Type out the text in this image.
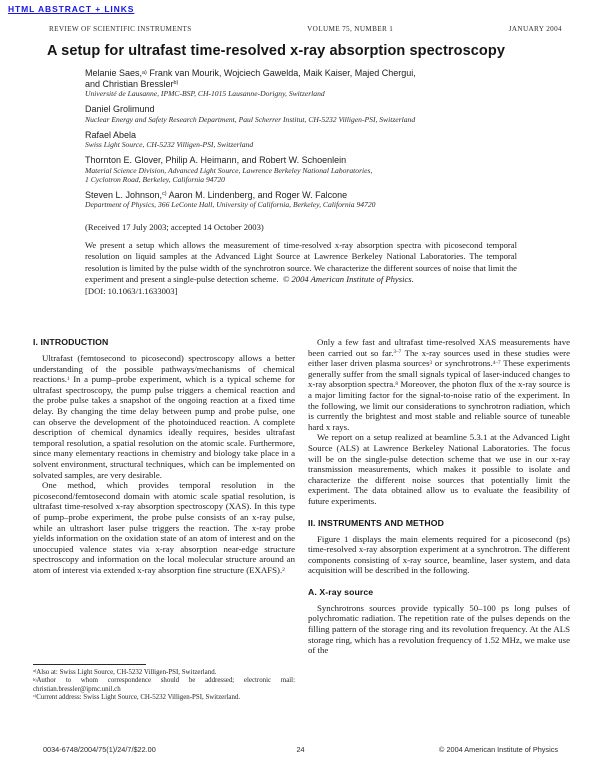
HTML ABSTRACT + LINKS
REVIEW OF SCIENTIFIC INSTRUMENTS	VOLUME 75, NUMBER 1	JANUARY 2004
A setup for ultrafast time-resolved x-ray absorption spectroscopy
Melanie Saes,$^{a)}$ Frank van Mourik, Wojciech Gawelda, Maik Kaiser, Majed Chergui,
and Christian Bressler$^{b)}$
Université de Lausanne, IPMC-BSP, CH-1015 Lausanne-Dorigny, Switzerland
Daniel Grolimund
Nuclear Energy and Safety Research Department, Paul Scherrer Institut, CH-5232 Villigen-PSI, Switzerland
Rafael Abela
Swiss Light Source, CH-5232 Villigen-PSI, Switzerland
Thornton E. Glover, Philip A. Heimann, and Robert W. Schoenlein
Material Science Division, Advanced Light Source, Lawrence Berkeley National Laboratories,
1 Cyclotron Road, Berkeley, California 94720
Steven L. Johnson,$^{c)}$ Aaron M. Lindenberg, and Roger W. Falcone
Department of Physics, 366 LeConte Hall, University of California, Berkeley, California 94720
(Received 17 July 2003; accepted 14 October 2003)

We present a setup which allows the measurement of time-resolved x-ray absorption spectra with picosecond temporal resolution on liquid samples at the Advanced Light Source at Lawrence Berkeley National Laboratories. The temporal resolution is limited by the pulse width of the synchrotron source. We characterize the different sources of noise that limit the experiment and present a single-pulse detection scheme. © 2004 American Institute of Physics.

[DOI: 10.1063/1.1633003]
I. INTRODUCTION

Ultrafast (femtosecond to picosecond) spectroscopy allows a better understanding of the possible pathways/mechanisms of chemical reactions.$^1$ In a pump–probe experiment, which is a typical scheme for ultrafast spectroscopy, the pump pulse triggers a chemical reaction and the probe pulse takes a snapshot of the ongoing reaction at a fixed time delay. By changing the time delay between pump and probe pulse, one can observe the development of the photoinduced reaction. A complete description of chemical dynamics ideally requires, besides ultrafast temporal resolution, a spatial resolution on the atomic scale. Furthermore, since many elementary reactions in chemistry and biology take place in a solvent environment, structural techniques, which can be implemented on solvated samples, are very desirable.

One method, which provides temporal resolution in the picosecond/femtosecond domain with atomic scale spatial resolution, is ultrafast time-resolved x-ray absorption spectroscopy (XAS). In this type of pump–probe experiment, the probe pulse consists of an x-ray pulse, while an ultrashort laser pulse triggers the reaction. The x-ray probe yields information on the oxidation state of an atom of interest and on the unoccupied valence states via x-ray absorption near-edge structure spectroscopy and information on the local molecular structure around an atom of interest via extended x-ray absorption fine structure (EXAFS).$^2$

Only a few fast and ultrafast time-resolved XAS measurements have been carried out so far.$^{3-7}$ The x-ray sources used in these studies were either laser driven plasma sources$^3$ or synchrotrons.$^{4-7}$ These experiments generally suffer from the small signals typical of laser-induced changes to x-ray absorption spectra.$^8$ Moreover, the photon flux of the x-ray source is a major limiting factor for the signal-to-noise ratio of the experiment. In the following, we limit our considerations to synchrotron radiation, which is currently the brightest and most stable and reliable source of tuneable hard x rays.

We report on a setup realized at beamline 5.3.1 at the Advanced Light Source (ALS) at Lawrence Berkeley National Laboratories. The focus will be on the single-pulse detection scheme that we use in our x-ray transmission measurements, which makes it possible to isolate and characterize the different noise sources that potentially limit the experiment. The data obtained allow us to evaluate the feasibility of future experiments.

II. INSTRUMENTS AND METHOD

Figure 1 displays the main elements required for a picosecond (ps) time-resolved x-ray absorption experiment at a synchrotron. The different components consisting of x-ray source, beamline, laser system, and data acquisition will be described in the following.

A. X-ray source

Synchrotrons sources provide typically 50–100 ps long pulses of polychromatic radiation. The repetition rate of the pulses depends on the filling pattern of the storage ring and its revolution frequency. At the ALS storage ring, which has a revolution frequency of 1.52 MHz, we make use of the

$^{a)}$Also at: Swiss Light Source, CH-5232 Villigen-PSI, Switzerland.

$^{b)}$Author to whom correspondence should be addressed; electronic mail: christian.bressler@ipmc.unil.ch

$^{c)}$Current address: Swiss Light Source, CH-5232 Villigen-PSI, Switzerland.

0034-6748/2004/75(1)/24/7/$22.00	24	© 2004 American Institute of Physics
